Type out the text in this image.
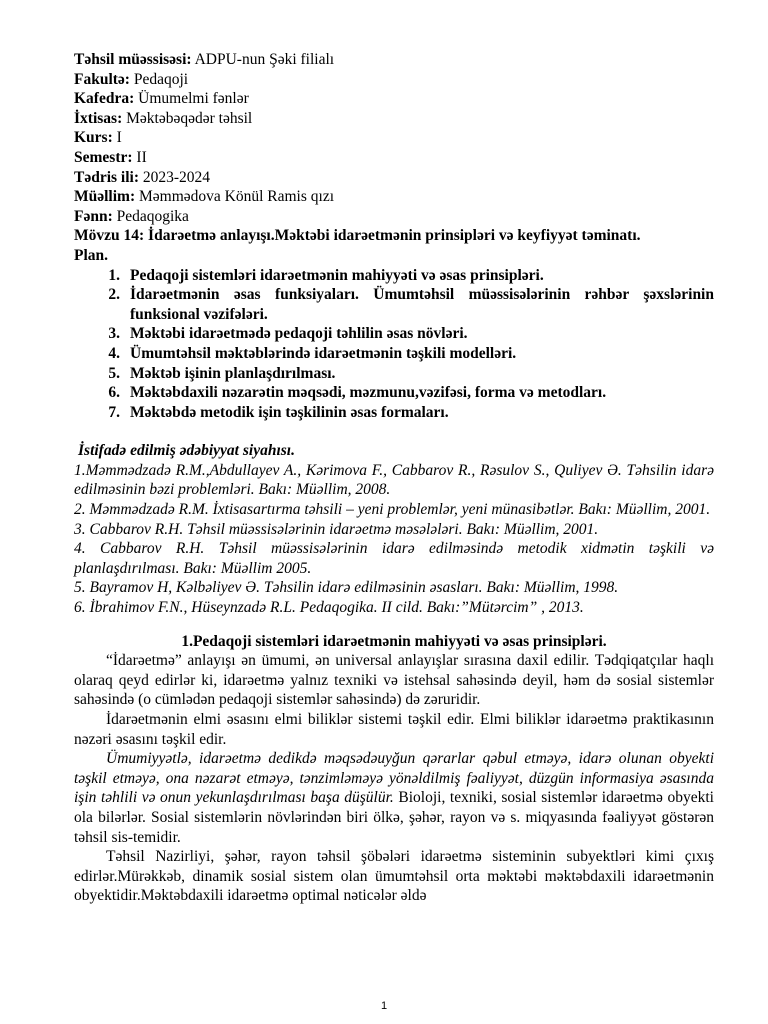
Təhsil müəssisəsi: ADPU-nun Şəki filialı
Fakultə: Pedaqoji
Kafedra: Ümumelmi fənlər
İxtisas: Məktəbəqədər təhsil
Kurs: I
Semestr: II
Tədris ili: 2023-2024
Müəllim: Məmmədova Könül Ramis qızı
Fənn: Pedaqogika
Mövzu 14: İdarəetmə anlayışı.Məktəbi idarəetmənin prinsipləri və keyfiyyət təminatı.
Plan.
1. Pedaqoji sistemləri idarəetmənin mahiyyəti və əsas prinsipləri.
2. İdarəetmənin əsas funksiyaları. Ümumtəhsil müəssisələrinin rəhbər şəxslərinin funksional vəzifələri.
3. Məktəbi idarəetmədə pedaqoji təhlilin əsas növləri.
4. Ümumtəhsil məktəblərində idarəetmənin təşkili modelləri.
5. Məktəb işinin planlaşdırılması.
6. Məktəbdaxili nəzarətin məqsədi, məzmunu,vəzifəsi, forma və metodları.
7. Məktəbdə metodik işin təşkilinin əsas formaları.
İstifadə edilmiş ədəbiyyat siyahısı.
1.Məmmədzadə R.M.,Abdullayev A., Kərimova F., Cabbarov R., Rəsulov S., Quliyev Ə. Təhsilin idarə edilməsinin bəzi problemləri. Bakı: Müəllim, 2008.
2. Məmmədzadə R.M. İxtisasartırma təhsili – yeni problemlər, yeni münasibətlər. Bakı: Müəllim, 2001.
3. Cabbarov R.H. Təhsil müəssisələrinin idarəetmə məsələləri. Bakı: Müəllim, 2001.
4. Cabbarov R.H. Təhsil müəssisələrinin idarə edilməsində metodik xidmətin təşkili və planlaşdırılması. Bakı: Müəllim 2005.
5. Bayramov H, Kəlbəliyev Ə. Təhsilin idarə edilməsinin əsasları. Bakı: Müəllim, 1998.
6. İbrahimov F.N., Hüseynzadə R.L. Pedaqogika. II cild. Bakı:”Mütərcim” , 2013.
1.Pedaqoji sistemləri idarəetmənin mahiyyəti və əsas prinsipləri.
“İdarəetmə” anlayışı ən ümumi, ən universal anlayışlar sırasına daxil edilir. Tədqiqatçılar haqlı olaraq qeyd edirlər ki, idarəetmə yalnız texniki və istehsal sahəsində deyil, həm də sosial sistemlər sahəsində (o cümlədən pedaqoji sistemlər sahəsində) də zəruridir.
İdarəetmənin elmi əsasını elmi biliklər sistemi təşkil edir. Elmi biliklər idarəetmə praktikasının nəzəri əsasını təşkil edir.
Ümumiyyətlə, idarəetmə dedikdə məqsədəuyğun qərarlar qəbul etməyə, idarə olunan obyekti təşkil etməyə, ona nəzarət etməyə, tənzimləməyə yönəldilmiş fəaliyyət, düzgün informasiya əsasında işin təhlili və onun yekunlaşdırılması başa düşülür. Bioloji, texniki, sosial sistemlər idarəetmə obyekti ola bilərlər. Sosial sistemlərin növlərindən biri ölkə, şəhər, rayon və s. miqyasında fəaliyyət göstərən təhsil sis-temidir.
Təhsil Nazirliyi, şəhər, rayon təhsil şöbələri idarəetmə sisteminin subyektləri kimi çıxış edirlər.Mürəkkəb, dinamik sosial sistem olan ümumtəhsil orta məktəbi məktəbdaxili idarəetmənin obyektidir.Məktəbdaxili idarəetmə optimal nəticələr əldə
1
